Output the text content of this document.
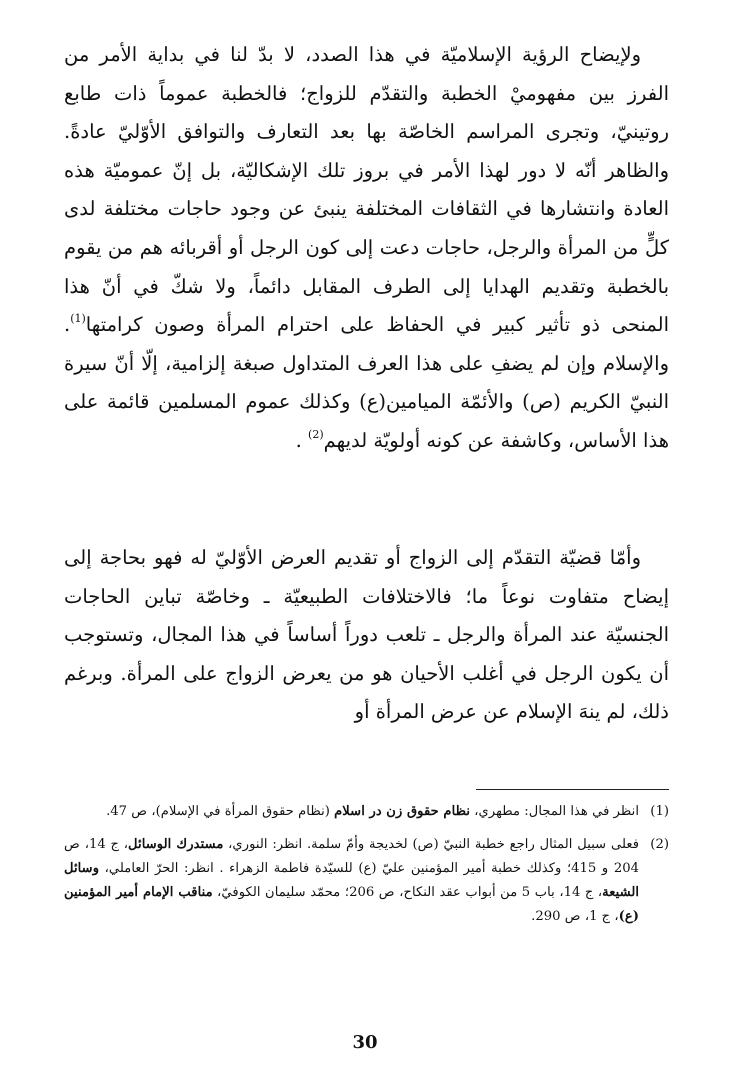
ولإيضاح الرؤية الإسلاميّة في هذا الصدد، لا بدّ لنا في بداية الأمر من الفرز بين مفهوميْ الخطبة والتقدّم للزواج؛ فالخطبة عموماً ذات طابع روتينيّ، وتجرى المراسم الخاصّة بها بعد التعارف والتوافق الأوّليّ عادةً. والظاهر أنّه لا دور لهذا الأمر في بروز تلك الإشكاليّة، بل إنّ عموميّة هذه العادة وانتشارها في الثقافات المختلفة ينبئ عن وجود حاجات مختلفة لدى كلٍّ من المرأة والرجل، حاجات دعت إلى كون الرجل أو أقربائه هم من يقوم بالخطبة وتقديم الهدايا إلى الطرف المقابل دائماً، ولا شكّ في أنّ هذا المنحى ذو تأثير كبير في الحفاظ على احترام المرأة وصون كرامتها$^{(1)}$. والإسلام وإن لم يضفِ على هذا العرف المتداول صبغة إلزامية، إلّا أنّ سيرة النبيّ الكريم (ص) والأئمّة الميامين(ع) وكذلك عموم المسلمين قائمة على هذا الأساس، وكاشفة عن كونه أولويّة لديهم$^{(2)}$ .

وأمّا قضيّة التقدّم إلى الزواج أو تقديم العرض الأوّليّ له فهو بحاجة إلى إيضاح متفاوت نوعاً ما؛ فالاختلافات الطبيعيّة ـ وخاصّة تباين الحاجات الجنسيّة عند المرأة والرجل ـ تلعب دوراً أساساً في هذا المجال، وتستوجب أن يكون الرجل في أغلب الأحيان هو من يعرض الزواج على المرأة. وبرغم ذلك، لم ينهَ الإسلام عن عرض المرأة أو

(1)
انظر في هذا المجال: مطهري، نظام حقوق زن در اسلام (نظام حقوق المرأة في الإسلام)، ص 47.
(2)
فعلى سبيل المثال راجع خطبة النبيّ (ص) لخديجة وأمّ سلمة. انظر: النوري، مستدرك الوسائل، ج 14، ص 204 و 415؛ وكذلك خطبة أمير المؤمنين عليّ (ع) للسيّدة فاطمة الزهراء . انظر: الحرّ العاملي، وسائل الشيعة، ج 14، باب 5 من أبواب عقد النكاح، ص 206؛ محمّد سليمان الكوفيّ، مناقب الإمام أمير المؤمنين (ع)، ج 1، ص 290.
30
